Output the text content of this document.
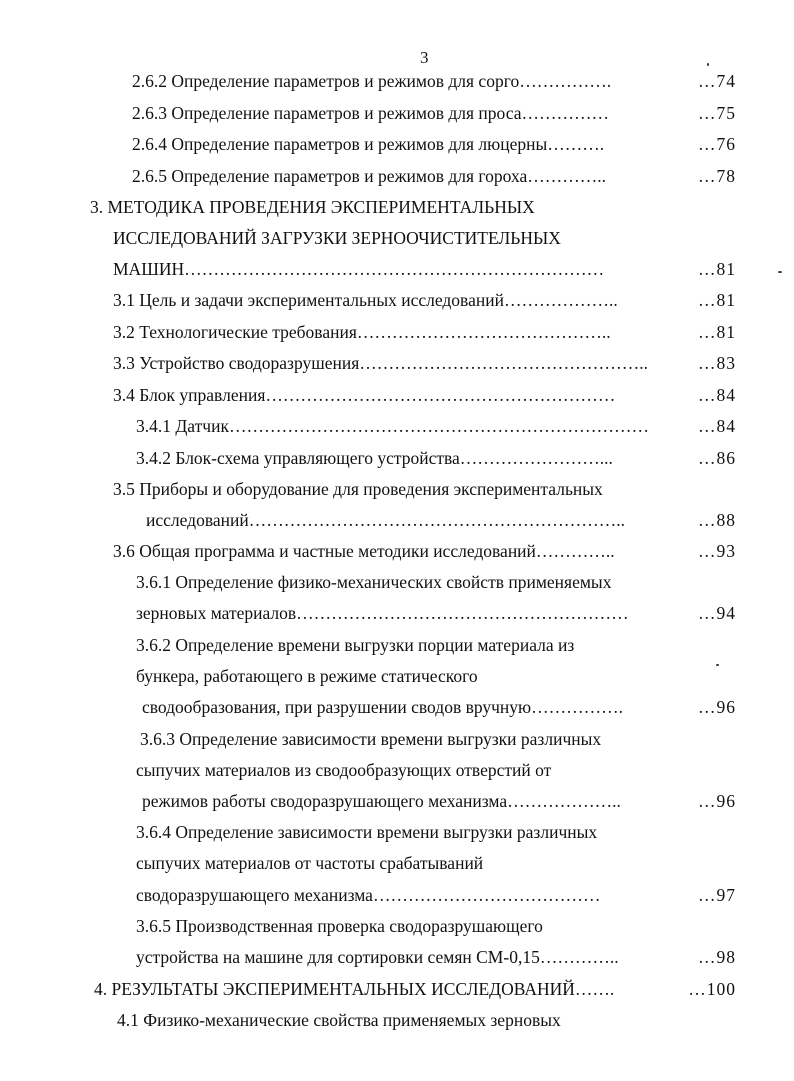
3
2.6.2 Определение параметров и режимов для сорго…………….	…74
2.6.3 Определение параметров и режимов для проса……………	…75
2.6.4 Определение параметров и режимов для люцерны……….	…76
2.6.5 Определение параметров и режимов для гороха…………..	…78
3. МЕТОДИКА ПРОВЕДЕНИЯ ЭКСПЕРИМЕНТАЛЬНЫХ
ИССЛЕДОВАНИЙ ЗАГРУЗКИ ЗЕРНООЧИСТИТЕЛЬНЫХ
МАШИН………………………………………………………………	…81
3.1 Цель и задачи экспериментальных исследований………………..	…81
3.2 Технологические требования……………………………………..	…81
3.3 Устройство сводоразрушения…………………………………………..	…83
3.4 Блок управления……………………………………………………	…84
3.4.1 Датчик………………………………………………………………	…84
3.4.2 Блок-схема управляющего устройства……………………...	…86
3.5 Приборы и оборудование для проведения экспериментальных
исследований………………………………………………………..	…88
3.6 Общая программа и частные методики исследований…………..	…93
3.6.1 Определение физико-механических свойств применяемых
зерновых материалов…………………………………………………	…94
3.6.2 Определение времени выгрузки порции материала из
бункера, работающего в режиме статического
сводообразования, при разрушении сводов вручную…………….	…96
3.6.3 Определение зависимости времени выгрузки различных
сыпучих материалов из сводообразующих отверстий от
режимов работы сводоразрушающего механизма………………..	…96
3.6.4 Определение зависимости времени выгрузки различных
сыпучих материалов от частоты срабатываний
сводоразрушающего механизма…………………………………	…97
3.6.5 Производственная проверка сводоразрушающего
устройства на машине для сортировки семян СМ-0,15…………..	…98
4. РЕЗУЛЬТАТЫ ЭКСПЕРИМЕНТАЛЬНЫХ ИССЛЕДОВАНИЙ…….	…100
4.1 Физико-механические свойства применяемых зерновых
